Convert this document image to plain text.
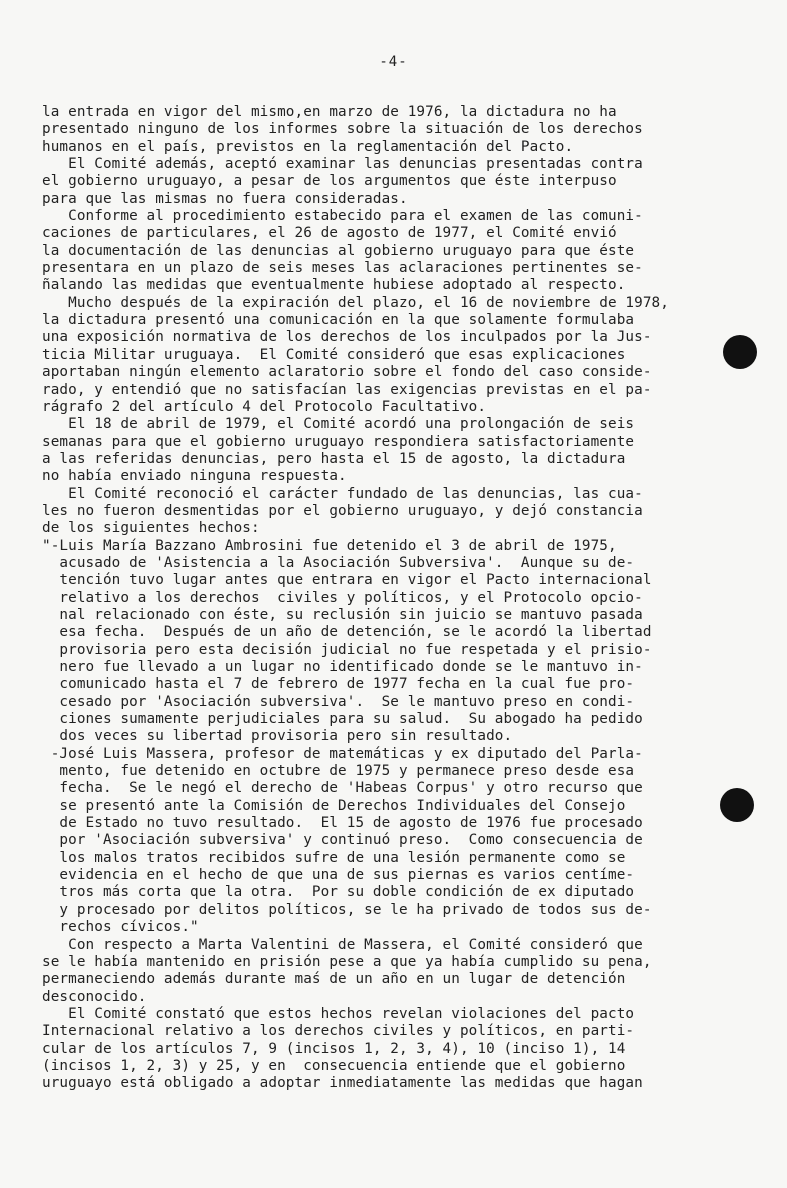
-4-
la entrada en vigor del mismo,en marzo de 1976, la dictadura no ha
presentado ninguno de los informes sobre la situación de los derechos
humanos en el país, previstos en la reglamentación del Pacto.
El Comité además, aceptó examinar las denuncias presentadas contra
el gobierno uruguayo, a pesar de los argumentos que éste interpuso
para que las mismas no fuera consideradas.
Conforme al procedimiento estabecido para el examen de las comuni-
caciones de particulares, el 26 de agosto de 1977, el Comité envió
la documentación de las denuncias al gobierno uruguayo para que éste
presentara en un plazo de seis meses las aclaraciones pertinentes se-
ñalando las medidas que eventualmente hubiese adoptado al respecto.
Mucho después de la expiración del plazo, el 16 de noviembre de 1978,
la dictadura presentó una comunicación en la que solamente formulaba
una exposición normativa de los derechos de los inculpados por la Jus-
ticia Militar uruguaya.  El Comité consideró que esas explicaciones
aportaban ningún elemento aclaratorio sobre el fondo del caso conside-
rado, y entendió que no satisfacían las exigencias previstas en el pa-
rágrafo 2 del artículo 4 del Protocolo Facultativo.
El 18 de abril de 1979, el Comité acordó una prolongación de seis
semanas para que el gobierno uruguayo respondiera satisfactoriamente
a las referidas denuncias, pero hasta el 15 de agosto, la dictadura
no había enviado ninguna respuesta.
El Comité reconoció el carácter fundado de las denuncias, las cua-
les no fueron desmentidas por el gobierno uruguayo, y dejó constancia
de los siguientes hechos:
"-Luis María Bazzano Ambrosini fue detenido el 3 de abril de 1975,
acusado de 'Asistencia a la Asociación Subversiva'.  Aunque su de-
tención tuvo lugar antes que entrara en vigor el Pacto internacional
relativo a los derechos  civiles y políticos, y el Protocolo opcio-
nal relacionado con éste, su reclusión sin juicio se mantuvo pasada
esa fecha.  Después de un año de detención, se le acordó la libertad
provisoria pero esta decisión judicial no fue respetada y el prisio-
nero fue llevado a un lugar no identificado donde se le mantuvo in-
comunicado hasta el 7 de febrero de 1977 fecha en la cual fue pro-
cesado por 'Asociación subversiva'.  Se le mantuvo preso en condi-
ciones sumamente perjudiciales para su salud.  Su abogado ha pedido
dos veces su libertad provisoria pero sin resultado.
-José Luis Massera, profesor de matemáticas y ex diputado del Parla-
mento, fue detenido en octubre de 1975 y permanece preso desde esa
fecha.  Se le negó el derecho de 'Habeas Corpus' y otro recurso que
se presentó ante la Comisión de Derechos Individuales del Consejo
de Estado no tuvo resultado.  El 15 de agosto de 1976 fue procesado
por 'Asociación subversiva' y continuó preso.  Como consecuencia de
los malos tratos recibidos sufre de una lesión permanente como se
evidencia en el hecho de que una de sus piernas es varios centíme-
tros más corta que la otra.  Por su doble condición de ex diputado
y procesado por delitos políticos, se le ha privado de todos sus de-
rechos cívicos."
Con respecto a Marta Valentini de Massera, el Comité consideró que
se le había mantenido en prisión pese a que ya había cumplido su pena,
permaneciendo además durante maś de un año en un lugar de detención
desconocido.
El Comité constató que estos hechos revelan violaciones del pacto
Internacional relativo a los derechos civiles y políticos, en parti-
cular de los artículos 7, 9 (incisos 1, 2, 3, 4), 10 (inciso 1), 14
(incisos 1, 2, 3) y 25, y en  consecuencia entiende que el gobierno
uruguayo está obligado a adoptar inmediatamente las medidas que hagan
